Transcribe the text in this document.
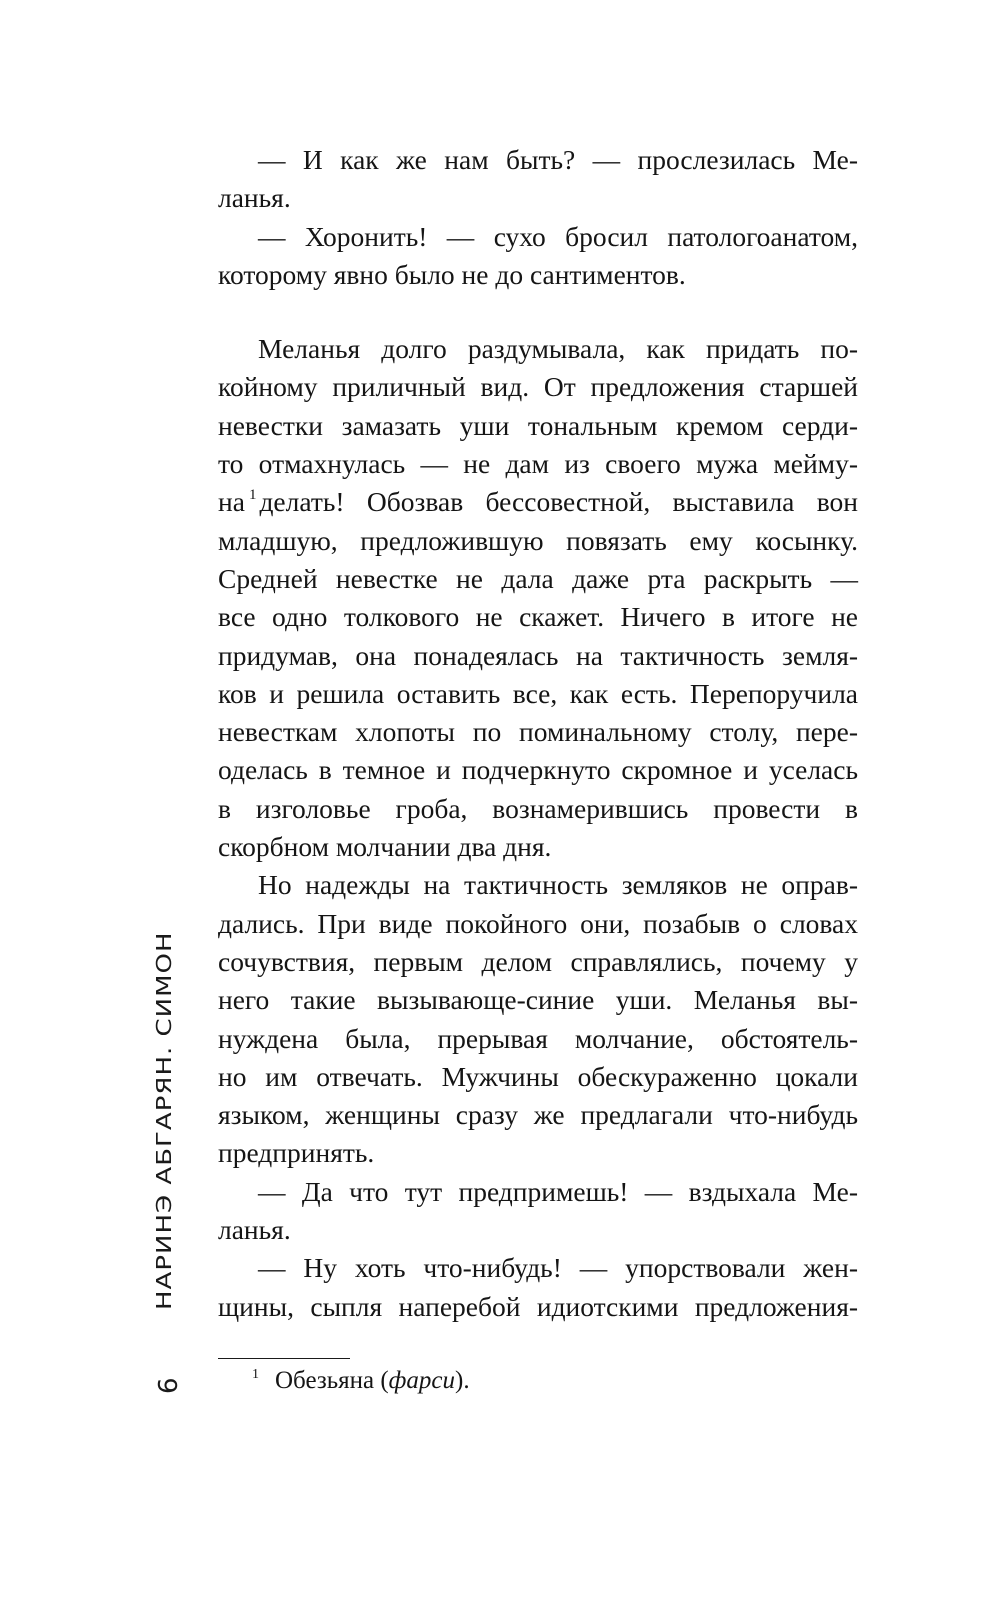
— И как же нам быть? — прослезилась Ме-
ланья.
— Хоронить! — сухо бросил патологоанатом,
которому явно было не до сантиментов.
Меланья долго раздумывала, как придать по-
койному приличный вид. От предложения старшей
невестки замазать уши тональным кремом серди-
то отмахнулась — не дам из своего мужа мейму-
на $^1$ делать! Обозвав бессовестной, выставила вон
младшую, предложившую повязать ему косынку.
Средней невестке не дала даже рта раскрыть —
все одно толкового не скажет. Ничего в итоге не
придумав, она понадеялась на тактичность земля-
ков и решила оставить все, как есть. Перепоручила
невесткам хлопоты по поминальному столу, пере-
оделась в темное и подчеркнуто скромное и уселась
в изголовье гроба, вознамерившись провести в
скорбном молчании два дня.
Но надежды на тактичность земляков не оправ-
дались. При виде покойного они, позабыв о словах
сочувствия, первым делом справлялись, почему у
него такие вызывающе-синие уши. Меланья вы-
нуждена была, прерывая молчание, обстоятель-
но им отвечать. Мужчины обескураженно цокали
языком, женщины сразу же предлагали что-нибудь
предпринять.
— Да что тут предпримешь! — вздыхала Ме-
ланья.
— Ну хоть что-нибудь! — упорствовали жен-
щины, сыпля наперебой идиотскими предложения-
$^1$ Обезьяна (фарси).
НАРИНЭ АБГАРЯН. СИМОН
6
